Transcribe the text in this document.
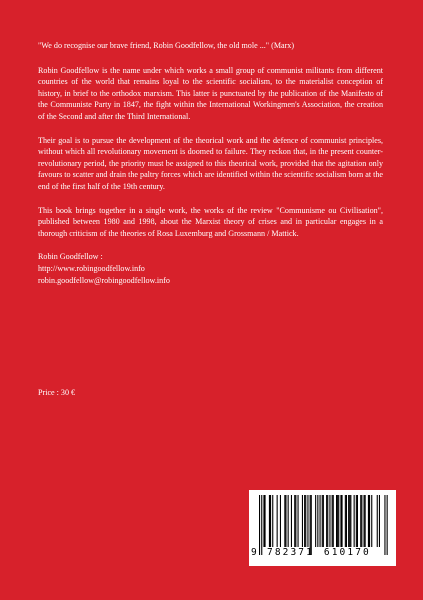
"We do recognise our brave friend, Robin Goodfellow, the old mole ..." (Marx)

Robin Goodfellow is the name under which works a small group of communist militants from different countries of the world that remains loyal to the scientific socialism, to the materialist conception of history, in brief to the orthodox marxism. This latter is punctuated by the publication of the Manifesto of the Communiste Party in 1847, the fight within the International Workingmen's Association, the creation of the Second and after the Third International.

Their goal is to pursue the development of the theorical work and the defence of communist principles, without which all revolutionary movement is doomed to failure. They reckon that, in the present counter-revolutionary period, the priority must be assigned to this theorical work, provided that the agitation only favours to scatter and drain the paltry forces which are identified within the scientific socialism born at the end of the first half of the 19th century.

This book brings together in a single work, the works of the review "Communisme ou Civilisation", published between 1980 and 1998, about the Marxist theory of crises and in particular engages in a thorough criticism of the theories of Rosa Luxemburg and Grossmann / Mattick.

Robin Goodfellow :
http://www.robingoodfellow.info
robin.goodfellow@robingoodfellow.info
Price : 30 €
9	782371 610170
